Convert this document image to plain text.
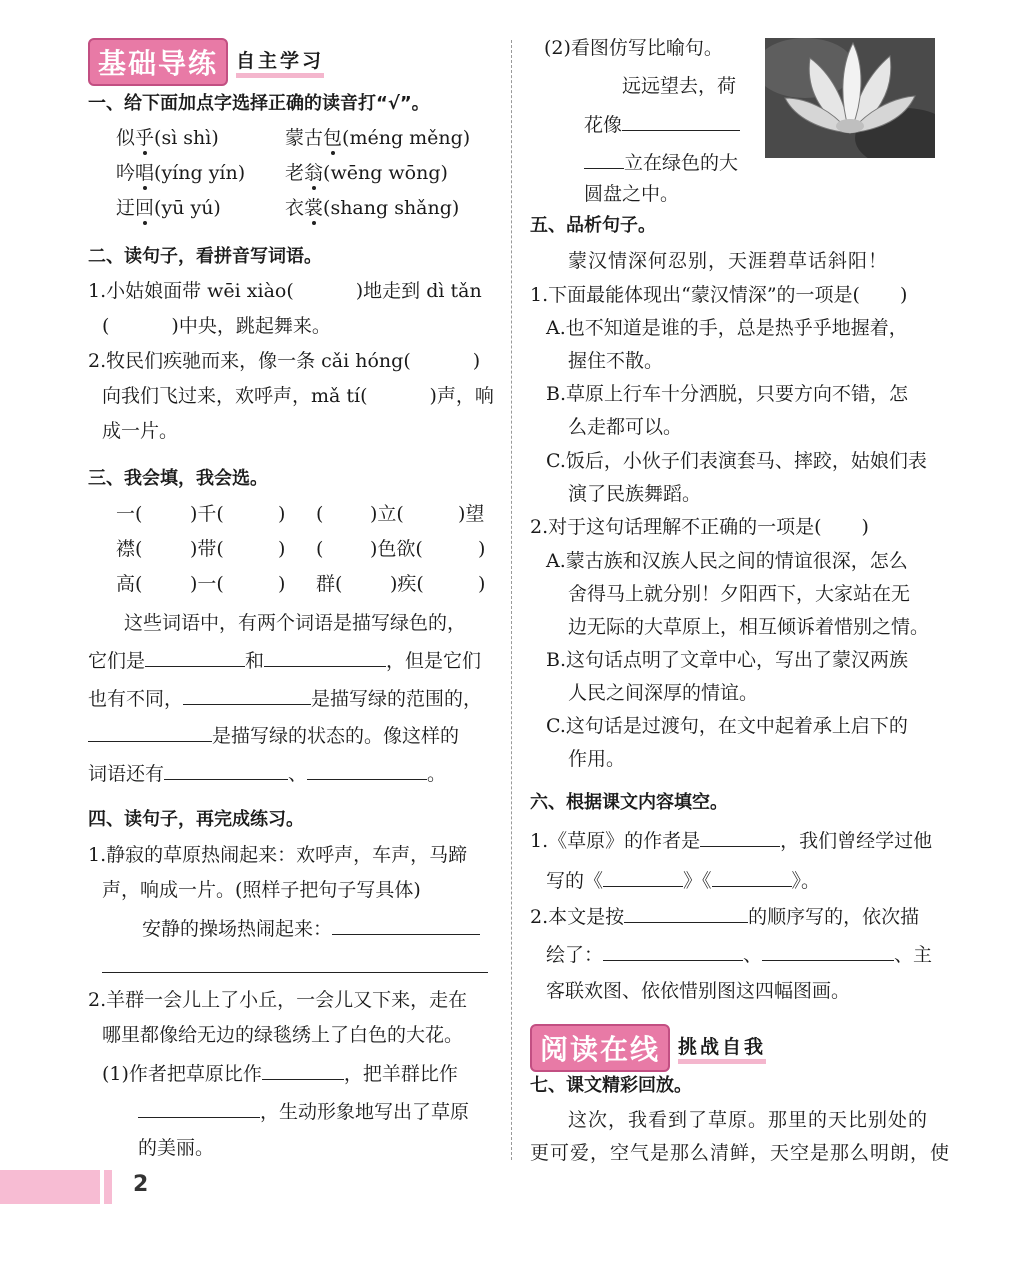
基础导练 自主学习
一、给下面加点字选择正确的读音打“√”。
似乎(sì shì)	蒙古包(méng měng)
吟唱(yíng yín) 老翁(wēng wōng)
迂回(yū yú)	衣裳(shang shǎng)
二、读句子，看拼音写词语。
1.小姑娘面带 wēi xiào(	)地走到 dì tǎn
(	)中央，跳起舞来。
2.牧民们疾驰而来，像一条 cǎi hóng(	)
向我们飞过来，欢呼声，mǎ tí(	)声，响
成一片。
三、我会填，我会选。
一(	)千(	) ( )立(	)望
襟(	)带(	) ( )色欲(	)
高(	)一(	) 群(	)疾(	)
这些词语中，有两个词语是描写绿色的，
它们是	和	，但是它们
也有不同，	是描写绿的范围的，
是描写绿的状态的。像这样的
词语还有	、	。
四、读句子，再完成练习。
1.静寂的草原热闹起来：欢呼声，车声，马蹄
声，响成一片。(照样子把句子写具体)
安静的操场热闹起来：
2.羊群一会儿上了小丘，一会儿又下来，走在
哪里都像给无边的绿毯绣上了白色的大花。
(1)作者把草原比作	，把羊群比作
，生动形象地写出了草原
的美丽。
(2)看图仿写比喻句。
远远望去，荷
花像
立在绿色的大
圆盘之中。
五、品析句子。
蒙汉情深何忍别，天涯碧草话斜阳！
1.下面最能体现出“蒙汉情深”的一项是( )
A.也不知道是谁的手，总是热乎乎地握着，
握住不散。
B.草原上行车十分洒脱，只要方向不错，怎
么走都可以。
C.饭后，小伙子们表演套马、摔跤，姑娘们表
演了民族舞蹈。
2.对于这句话理解不正确的一项是( )
A.蒙古族和汉族人民之间的情谊很深，怎么
舍得马上就分别！夕阳西下，大家站在无
边无际的大草原上，相互倾诉着惜别之情。
B.这句话点明了文章中心，写出了蒙汉两族
人民之间深厚的情谊。
C.这句话是过渡句，在文中起着承上启下的
作用。
六、根据课文内容填空。
1.《草原》的作者是	，我们曾经学过他
写的《	》《	》。
2.本文是按	的顺序写的，依次描
绘了：	、	、主
客联欢图、依依惜别图这四幅图画。
阅读在线 挑战自我
七、课文精彩回放。
这次，我看到了草原。那里的天比别处的
更可爱，空气是那么清鲜，天空是那么明朗，使
2
